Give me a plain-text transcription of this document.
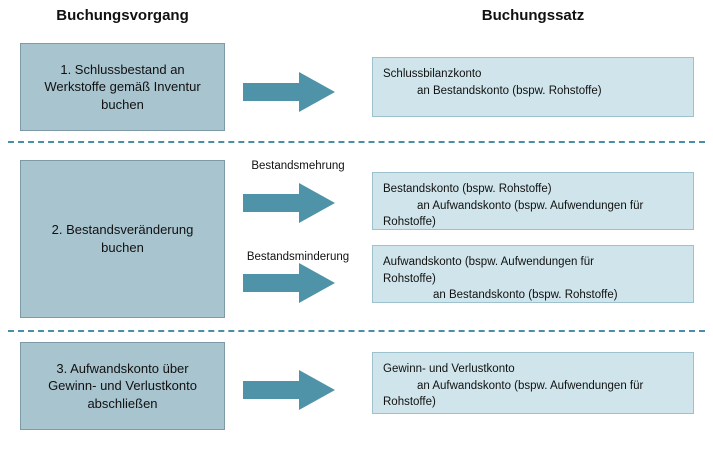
Buchungsvorgang	Buchungssatz
1. Schlussbestand an Werkstoffe gemäß Inventur buchen
Schlussbilanzkonto
an Bestandskonto (bspw. Rohstoffe)
2. Bestandsveränderung buchen
Bestandsmehrung
Bestandskonto (bspw. Rohstoffe)
an Aufwandskonto (bspw. Aufwendungen für
Rohstoffe)
Bestandsminderung	Aufwandskonto (bspw. Aufwendungen für
Rohstoffe)
an Bestandskonto (bspw. Rohstoffe)
3. Aufwandskonto über Gewinn- und Verlustkonto abschließen
Gewinn- und Verlustkonto
an Aufwandskonto (bspw. Aufwendungen für
Rohstoffe)
